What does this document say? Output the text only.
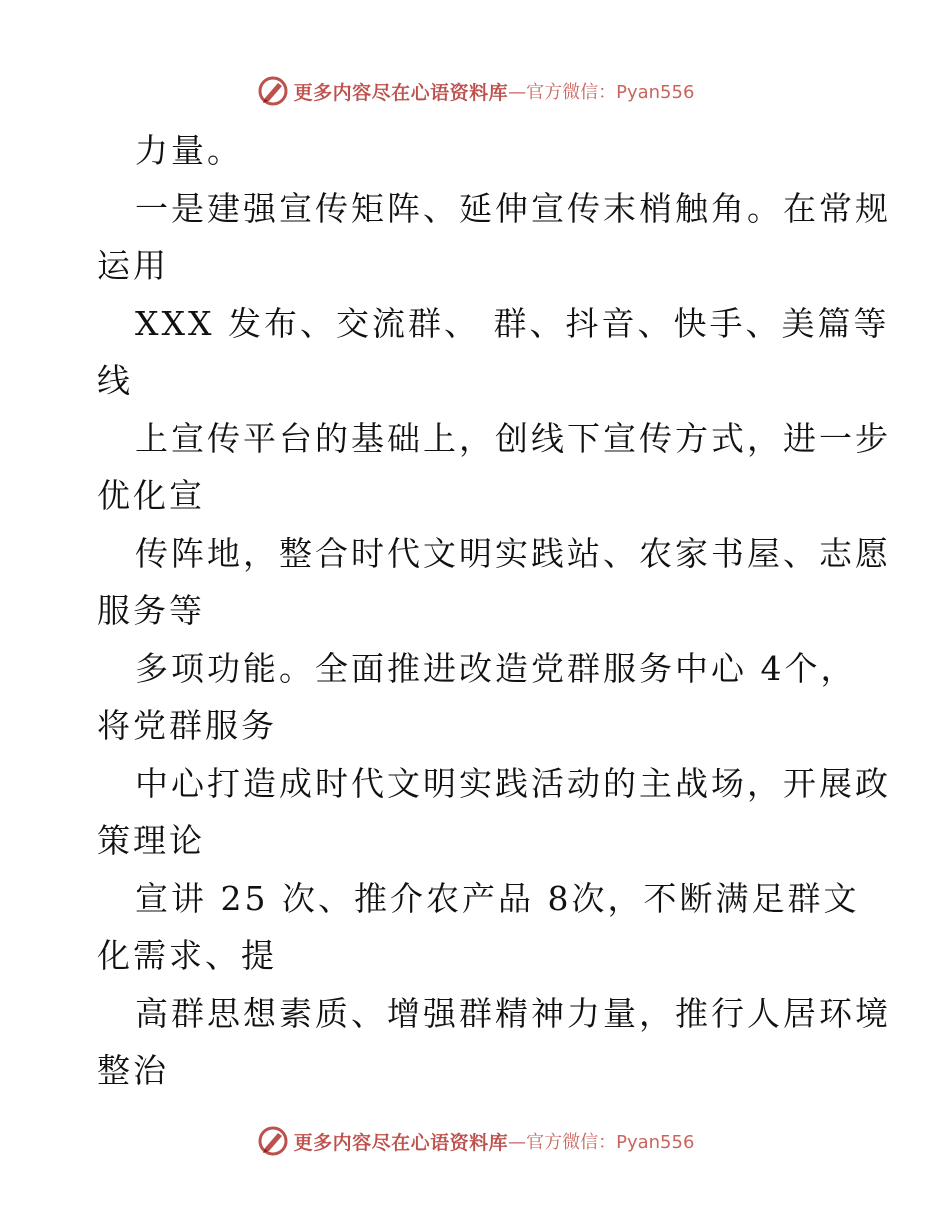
更多内容尽在心语资料库 —官方微信：Pyan556
力量。
一是建强宣传矩阵、延伸宣传末梢触角。在常规
运用
XXX 发布、交流群、 群、抖音、快手、美篇等
线
上宣传平台的基础上，创线下宣传方式，进一步
优化宣
传阵地，整合时代文明实践站、农家书屋、志愿
服务等
多项功能。全面推进改造党群服务中心 4个，
将党群服务
中心打造成时代文明实践活动的主战场，开展政
策理论
宣讲 25 次、推介农产品 8次，不断满足群文
化需求、提
高群思想素质、增强群精神力量，推行人居环境
整治
更多内容尽在心语资料库 —官方微信：Pyan556
